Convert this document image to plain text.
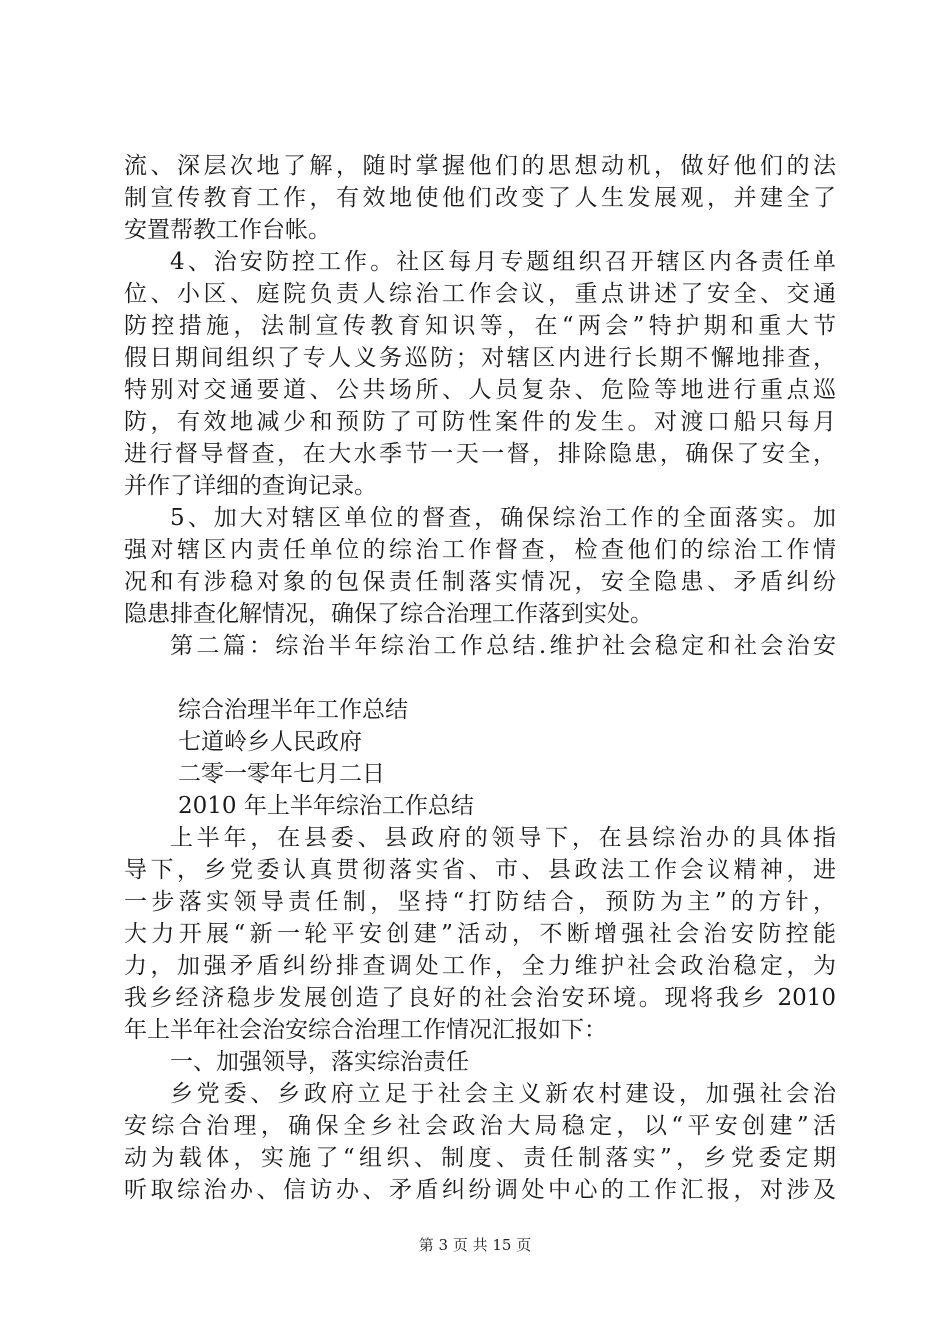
流、深层次地了解，随时掌握他们的思想动机，做好他们的法
制宣传教育工作，有效地使他们改变了人生发展观，并建全了
安置帮教工作台帐。
4、治安防控工作。社区每月专题组织召开辖区内各责任单
位、小区、庭院负责人综治工作会议，重点讲述了安全、交通
防控措施，法制宣传教育知识等，在“两会”特护期和重大节
假日期间组织了专人义务巡防；对辖区内进行长期不懈地排查，
特别对交通要道、公共场所、人员复杂、危险等地进行重点巡
防，有效地减少和预防了可防性案件的发生。对渡口船只每月
进行督导督查，在大水季节一天一督，排除隐患，确保了安全，
并作了详细的查询记录。
5、加大对辖区单位的督查，确保综治工作的全面落实。加
强对辖区内责任单位的综治工作督查，检查他们的综治工作情
况和有涉稳对象的包保责任制落实情况，安全隐患、矛盾纠纷
隐患排查化解情况，确保了综合治理工作落到实处。
第二篇：综治半年综治工作总结.维护社会稳定和社会治安
综合治理半年工作总结
七道岭乡人民政府
二零一零年七月二日
2010 年上半年综治工作总结
上半年，在县委、县政府的领导下，在县综治办的具体指
导下，乡党委认真贯彻落实省、市、县政法工作会议精神，进
一步落实领导责任制，坚持“打防结合，预防为主”的方针，
大力开展“新一轮平安创建”活动，不断增强社会治安防控能
力，加强矛盾纠纷排查调处工作，全力维护社会政治稳定，为
我乡经济稳步发展创造了良好的社会治安环境。现将我乡 2010
年上半年社会治安综合治理工作情况汇报如下：
一、加强领导，落实综治责任
乡党委、乡政府立足于社会主义新农村建设，加强社会治
安综合治理，确保全乡社会政治大局稳定，以“平安创建”活
动为载体，实施了“组织、制度、责任制落实”，乡党委定期
听取综治办、信访办、矛盾纠纷调处中心的工作汇报，对涉及
第 3 页 共 15 页
